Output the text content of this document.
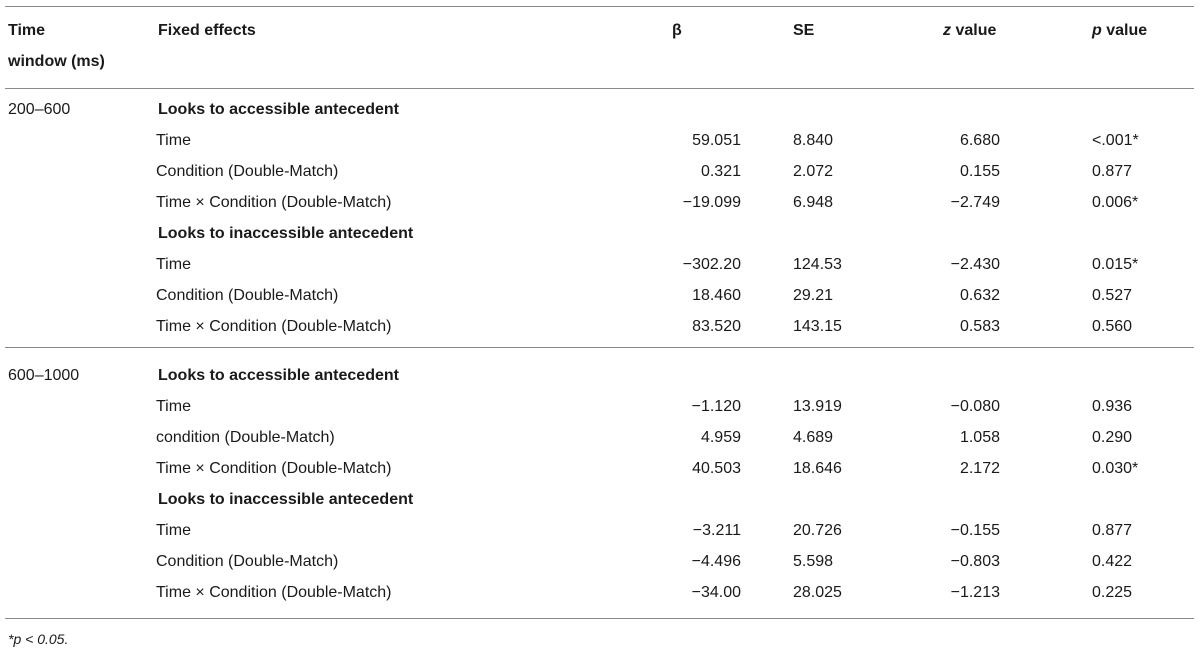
Time
window (ms)
Fixed effects	β	SE	z value	p value
200–600	Looks to accessible antecedent
Time	59.051	8.840	6.680	<.001*
Condition (Double-Match)	0.321	2.072	0.155	0.877
Time × Condition (Double-Match)	−19.099	6.948	−2.749	0.006*
Looks to inaccessible antecedent
Time	−302.20	124.53	−2.430	0.015*
Condition (Double-Match)	18.460	29.21	0.632	0.527
Time × Condition (Double-Match)	83.520	143.15	0.583	0.560
600–1000	Looks to accessible antecedent
Time	−1.120	13.919	−0.080	0.936
condition (Double-Match)	4.959	4.689	1.058	0.290
Time × Condition (Double-Match)	40.503	18.646	2.172	0.030*
Looks to inaccessible antecedent
Time	−3.211	20.726	−0.155	0.877
Condition (Double-Match)	−4.496	5.598	−0.803	0.422
Time × Condition (Double-Match)	−34.00	28.025	−1.213	0.225
*p < 0.05.
